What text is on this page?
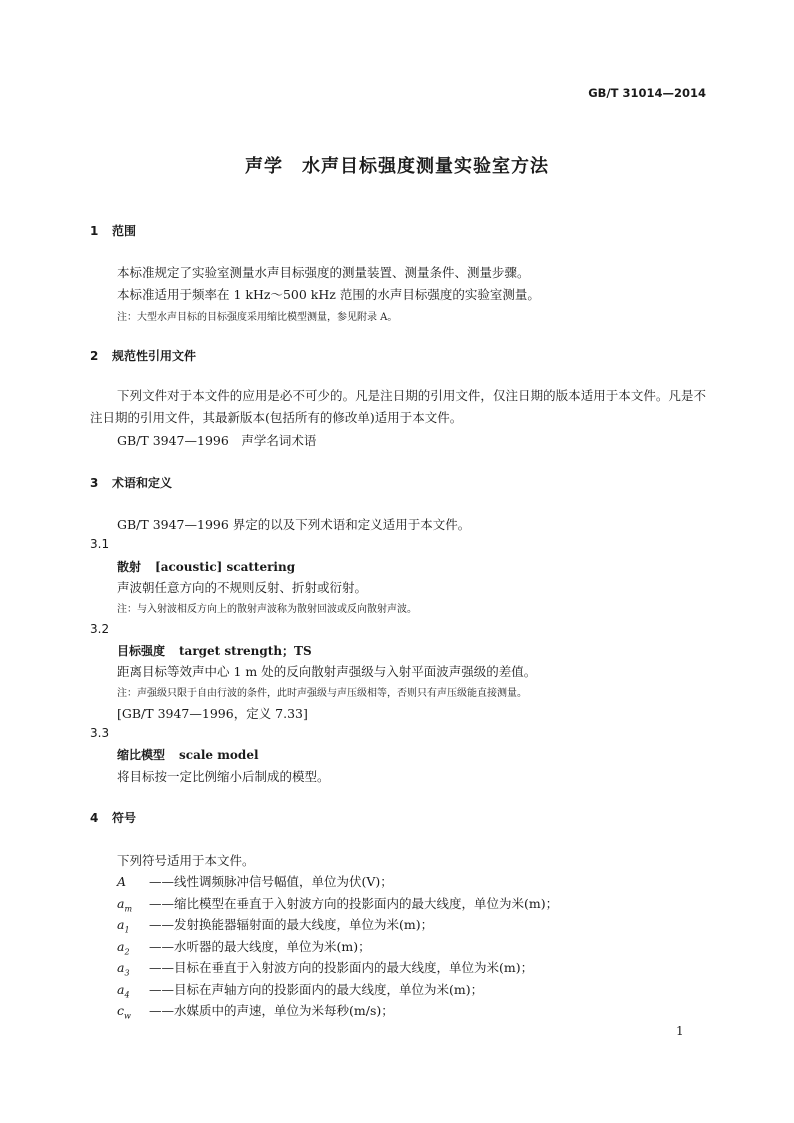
GB/T 31014—2014
声学　水声目标强度测量实验室方法
1 范围
本标准规定了实验室测量水声目标强度的测量装置、测量条件、测量步骤。
本标准适用于频率在 1 kHz～500 kHz 范围的水声目标强度的实验室测量。
注：大型水声目标的目标强度采用缩比模型测量，参见附录 A。
2 规范性引用文件
下列文件对于本文件的应用是必不可少的。凡是注日期的引用文件，仅注日期的版本适用于本文件。凡是不注日期的引用文件，其最新版本(包括所有的修改单)适用于本文件。
GB/T 3947—1996　声学名词术语
3 术语和定义
GB/T 3947—1996 界定的以及下列术语和定义适用于本文件。
3.1
散射 [acoustic] scattering
声波朝任意方向的不规则反射、折射或衍射。
注：与入射波相反方向上的散射声波称为散射回波或反向散射声波。
3.2
目标强度 target strength；TS
距离目标等效声中心 1 m 处的反向散射声强级与入射平面波声强级的差值。
注：声强级只限于自由行波的条件，此时声强级与声压级相等，否则只有声压级能直接测量。
[GB/T 3947—1996，定义 7.33]
3.3
缩比模型 scale model
将目标按一定比例缩小后制成的模型。
4 符号
下列符号适用于本文件。
A ——线性调频脉冲信号幅值，单位为伏(V)；
$a_m$ ——缩比模型在垂直于入射波方向的投影面内的最大线度，单位为米(m)；
$a_1$ ——发射换能器辐射面的最大线度，单位为米(m)；
$a_2$ ——水听器的最大线度，单位为米(m)；
$a_3$ ——目标在垂直于入射波方向的投影面内的最大线度，单位为米(m)；
$a_4$ ——目标在声轴方向的投影面内的最大线度，单位为米(m)；
$c_w$ ——水媒质中的声速，单位为米每秒(m/s)；
1
